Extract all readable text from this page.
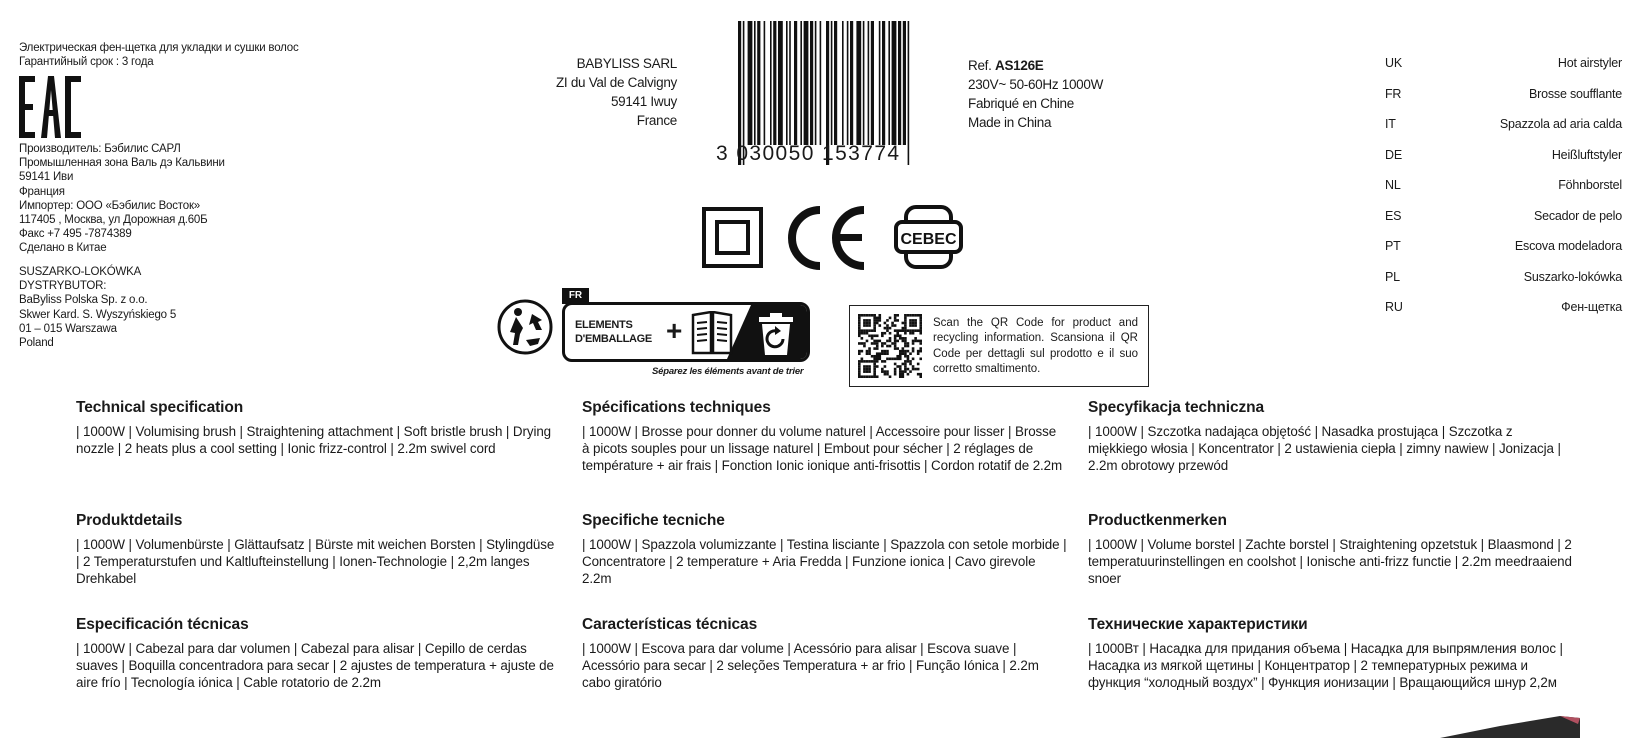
Электрическая фен-щетка для укладки и сушки волос
Гарантийный срок : 3 года
Производитель: Бэбилис САРЛ
Промышленная зона Валь дэ Кальвини
59141 Иви
Франция
Импортер: ООО «Бэбилис Восток»
117405 , Москва, ул Дорожная д.60Б
Факс +7 495 -7874389
Сделано в Китае
SUSZARKO-LOKÓWKA
DYSTRYBUTOR:
BaByliss Polska Sp. z o.o.
Skwer Kard. S. Wyszyńskiego 5
01 – 015 Warszawa
Poland
BABYLISS SARL
ZI du Val de Calvigny
59141 Iwuy
France
3 030050 153774
Ref. AS126E
230V~ 50-60Hz 1000W
Fabriqué en Chine
Made in China
UK	Hot airstyler
FR	Brosse soufflante
IT	Spazzola ad aria calda
DE	Heißluftstyler
NL	Föhnborstel
ES	Secador de pelo
PT	Escova modeladora
PL	Suszarko-lokówka
RU	Фен-щетка
CEBEC
FR
ELEMENTS
D'EMBALLAGE +
Séparez les éléments avant de trier
Scan the QR Code for product and recycling information. Scansiona il QR Code per dettagli sul prodotto e il suo corretto smaltimento.
Technical specification

| 1000W | Volumising brush | Straightening attachment | Soft bristle brush | Drying nozzle | 2 heats plus a cool setting | Ionic frizz-control | 2.2m swivel cord

Spécifications techniques

| 1000W | Brosse pour donner du volume naturel | Accessoire pour lisser | Brosse à picots souples pour un lissage naturel | Embout pour sécher | 2 réglages de température + air frais | Fonction Ionic ionique anti-frisottis | Cordon rotatif de 2.2m

Specyfikacja techniczna

| 1000W | Szczotka nadająca objętość | Nasadka prostująca | Szczotka z miękkiego włosia | Koncentrator | 2 ustawienia ciepła | zimny nawiew | Jonizacja | 2.2m obrotowy przewód

Produktdetails

| 1000W | Volumenbürste | Glättaufsatz | Bürste mit weichen Borsten | Stylingdüse | 2 Temperaturstufen und Kaltlufteinstellung | Ionen-Technologie | 2,2m langes Drehkabel

Specifiche tecniche

| 1000W | Spazzola volumizzante | Testina lisciante | Spazzola con setole morbide | Concentratore | 2 temperature + Aria Fredda | Funzione ionica | Cavo girevole 2.2m

Productkenmerken

| 1000W | Volume borstel | Zachte borstel | Straightening opzetstuk | Blaasmond | 2 temperatuurinstellingen en coolshot | Ionische anti-frizz functie | 2.2m meedraaiend snoer

Especificación técnicas

| 1000W | Cabezal para dar volumen | Cabezal para alisar | Cepillo de cerdas suaves | Boquilla concentradora para secar | 2 ajustes de temperatura + ajuste de aire frío | Tecnología iónica | Cable rotatorio de 2.2m

Características técnicas

| 1000W | Escova para dar volume | Acessório para alisar | Escova suave | Acessório para secar | 2 seleções Temperatura + ar frio | Função Iónica | 2.2m cabo giratório

Технические характеристики

| 1000Вт | Насадка для придания объема | Насадка для выпрямления волос | Насадка из мягкой щетины | Концентратор | 2 температурных режима и функция “холодный воздух” | Функция ионизации | Вращающийся шнур 2,2м
